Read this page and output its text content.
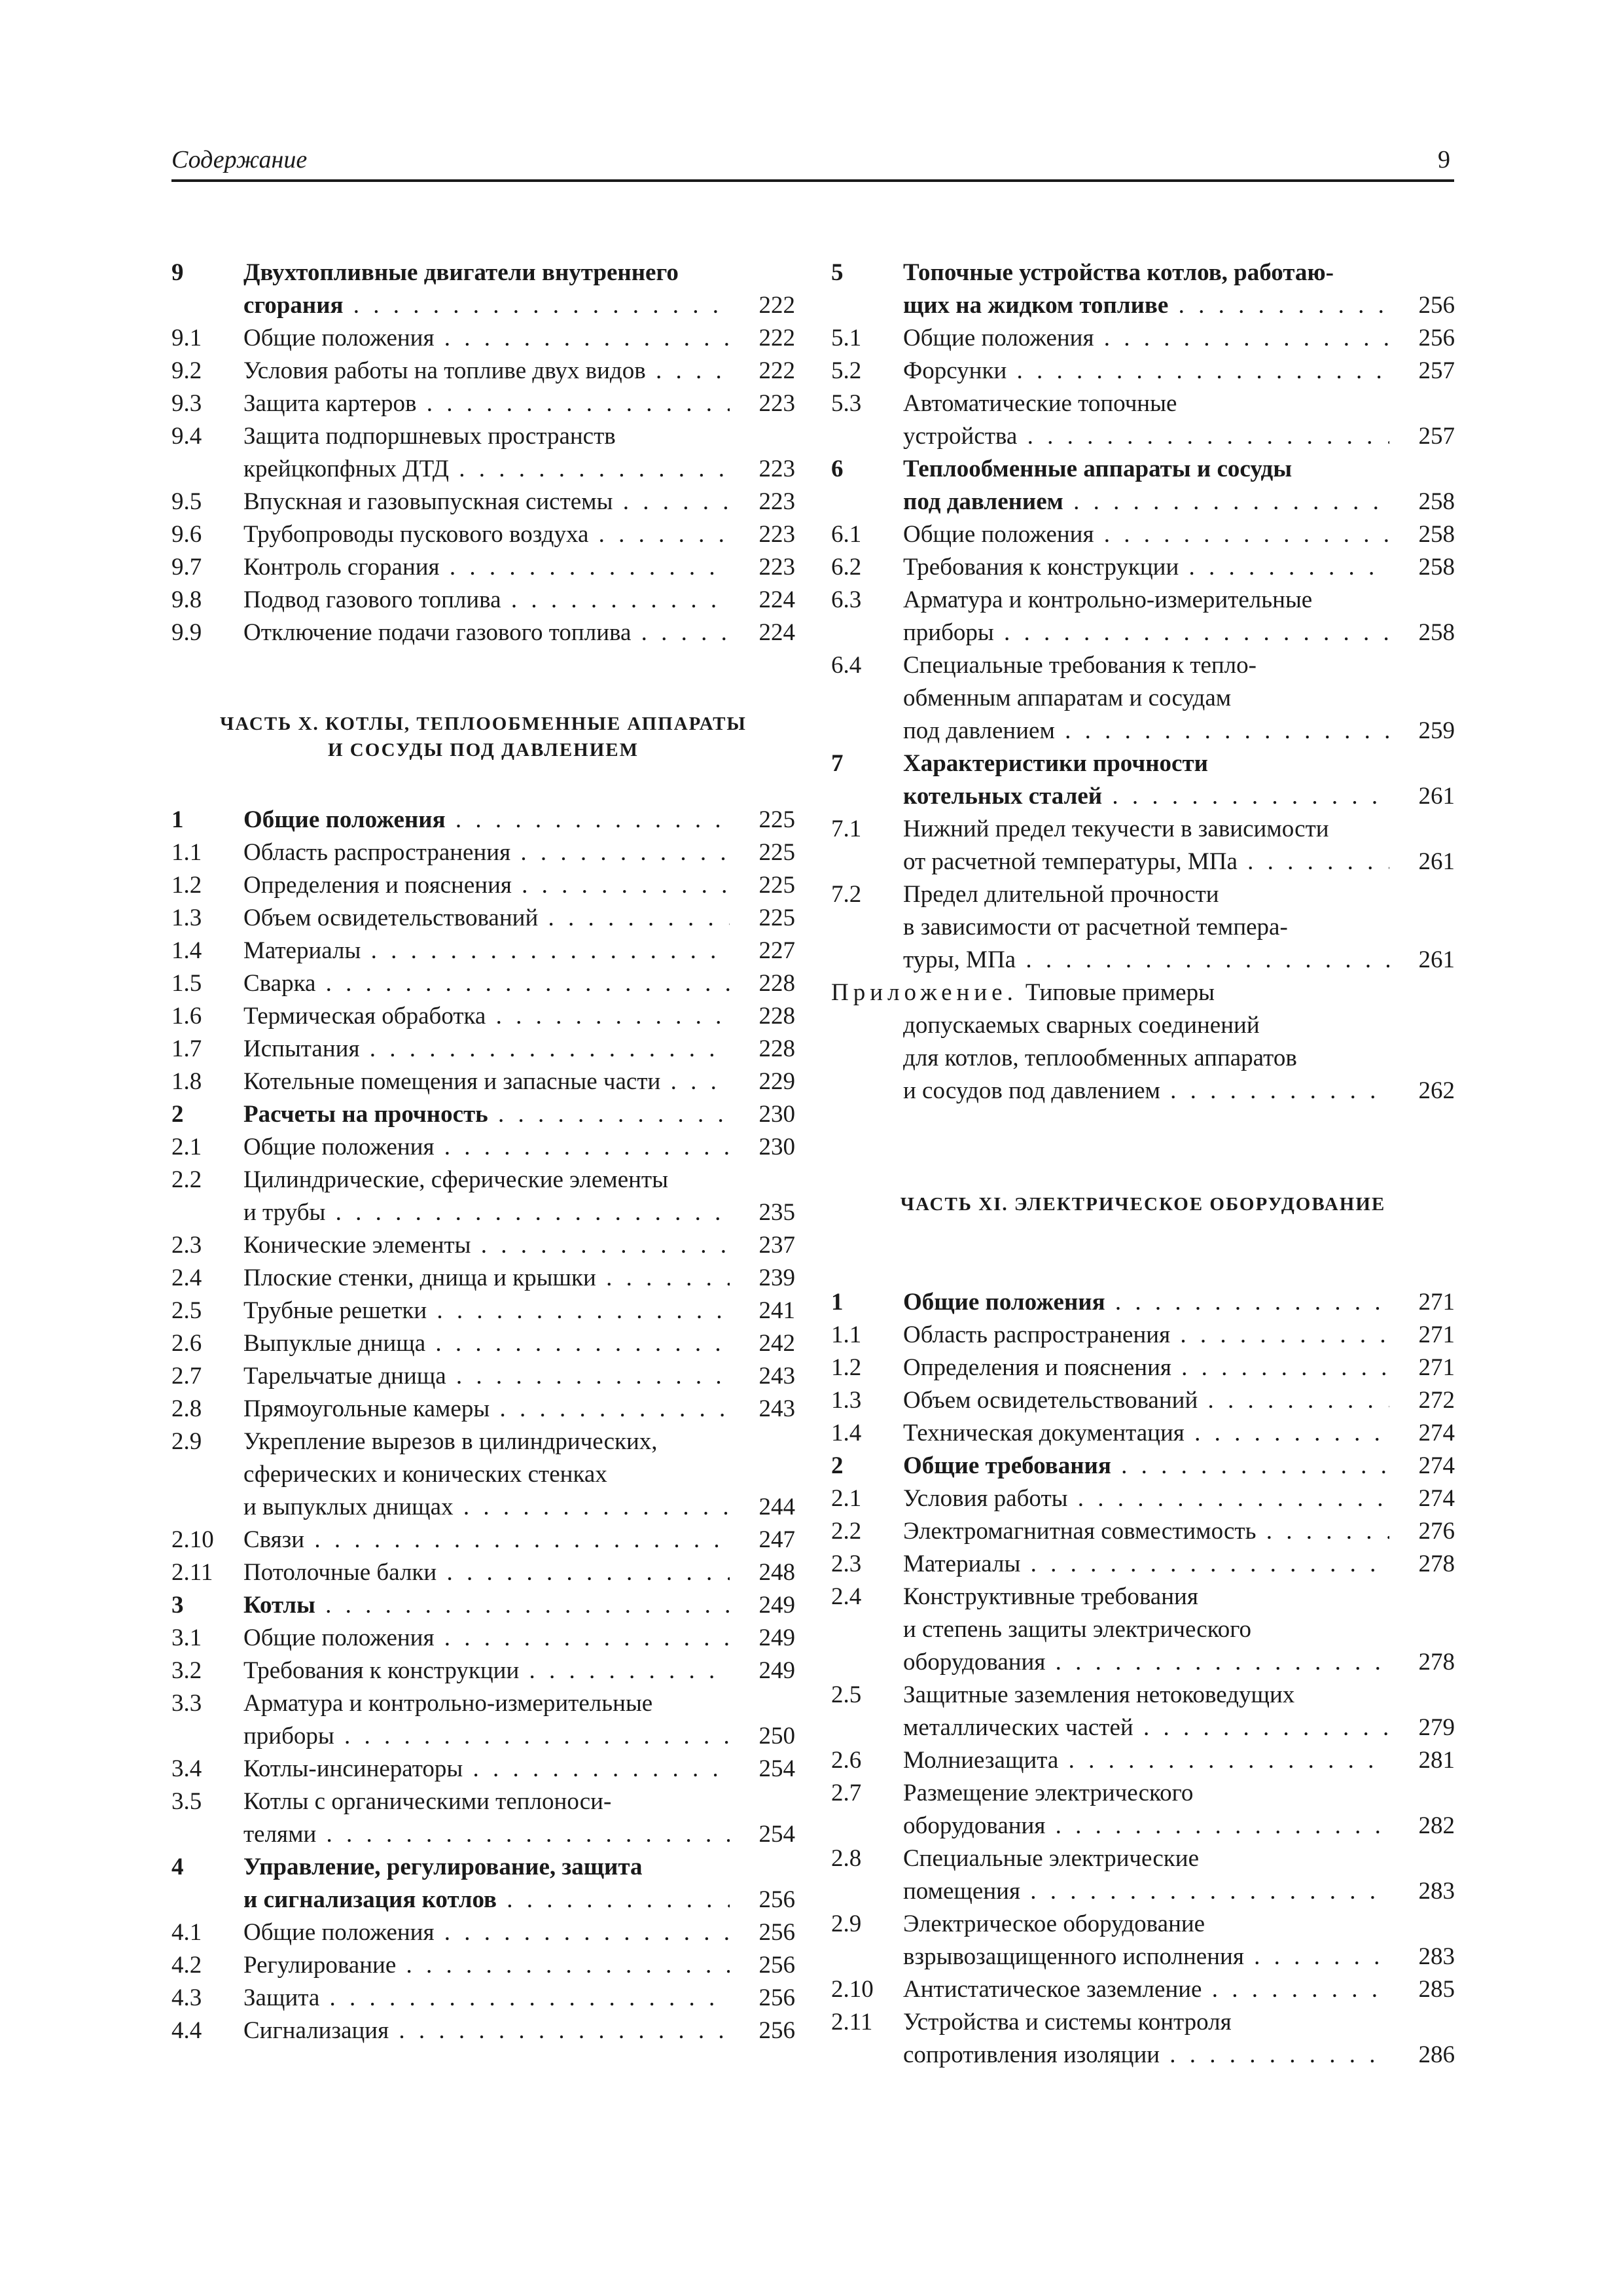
Содержание	9
9 Двухтопливные двигатели внутреннего
сгорания . . .	222
9.1 Общие положения . . .	222
9.2 Условия работы на топливе двух видов . . .	222
9.3 Защита картеров . . .	223
9.4 Защита подпоршневых пространств
крейцкопфных ДТД . . .	223
9.5 Впускная и газовыпускная системы . . .	223
9.6 Трубопроводы пускового воздуха . . .	223
9.7 Контроль сгорания . . .	223
9.8 Подвод газового топлива . . .	224
9.9 Отключение подачи газового топлива . . .	224
ЧАСТЬ X. КОТЛЫ, ТЕПЛООБМЕННЫЕ АППАРАТЫ
И СОСУДЫ ПОД ДАВЛЕНИЕМ
1 Общие положения . . .	225
1.1 Область распространения . . .	225
1.2 Определения и пояснения . . .	225
1.3 Объем освидетельствований . . .	225
1.4 Материалы . . .	227
1.5 Сварка . . .	228
1.6 Термическая обработка . . .	228
1.7 Испытания . . .	228
1.8 Котельные помещения и запасные части . . .	229
2 Расчеты на прочность . . .	230
2.1 Общие положения . . .	230
2.2 Цилиндрические, сферические элементы
и трубы . . .	235
2.3 Конические элементы . . .	237
2.4 Плоские стенки, днища и крышки . . .	239
2.5 Трубные решетки . . .	241
2.6 Выпуклые днища . . .	242
2.7 Тарельчатые днища . . .	243
2.8 Прямоугольные камеры . . .	243
2.9 Укрепление вырезов в цилиндрических,
сферических и конических стенках
и выпуклых днищах . . .	244
2.10 Связи . . .	247
2.11 Потолочные балки . . .	248
3 Котлы . . .	249
3.1 Общие положения . . .	249
3.2 Требования к конструкции . . .	249
3.3 Арматура и контрольно-измерительные
приборы . . .	250
3.4 Котлы-инсинераторы . . .	254
3.5 Котлы с органическими теплоноси-
телями . . .	254
4 Управление, регулирование, защита
и сигнализация котлов . . .	256
4.1 Общие положения . . .	256
4.2 Регулирование . . .	256
4.3 Защита . . .	256
4.4 Сигнализация . . .	256
5 Топочные устройства котлов, работаю-
щих на жидком топливе . . .	256
5.1 Общие положения . . .	256
5.2 Форсунки . . .	257
5.3 Автоматические топочные
устройства . . .	257
6 Теплообменные аппараты и сосуды
под давлением . . .	258
6.1 Общие положения . . .	258
6.2 Требования к конструкции . . .	258
6.3 Арматура и контрольно-измерительные
приборы . . .	258
6.4 Специальные требования к тепло-
обменным аппаратам и сосудам
под давлением . . .	259
7 Характеристики прочности
котельных сталей . . .	261
7.1 Нижний предел текучести в зависимости
от расчетной температуры, МПа . . .	261
7.2 Предел длительной прочности
в зависимости от расчетной темпера-
туры, МПа . . .	261
Приложение. Типовые примеры
допускаемых сварных соединений
для котлов, теплообменных аппаратов
и сосудов под давлением . . .	262
ЧАСТЬ XI. ЭЛЕКТРИЧЕСКОЕ ОБОРУДОВАНИЕ
1 Общие положения . . .	271
1.1 Область распространения . . .	271
1.2 Определения и пояснения . . .	271
1.3 Объем освидетельствований . . .	272
1.4 Техническая документация . . .	274
2 Общие требования . . .	274
2.1 Условия работы . . .	274
2.2 Электромагнитная совместимость . . .	276
2.3 Материалы . . .	278
2.4 Конструктивные требования
и степень защиты электрического
оборудования . . .	278
2.5 Защитные заземления нетоковедущих
металлических частей . . .	279
2.6 Молниезащита . . .	281
2.7 Размещение электрического
оборудования . . .	282
2.8 Специальные электрические
помещения . . .	283
2.9 Электрическое оборудование
взрывозащищенного исполнения . . .	283
2.10 Антистатическое заземление . . .	285
2.11 Устройства и системы контроля
сопротивления изоляции . . .	286
